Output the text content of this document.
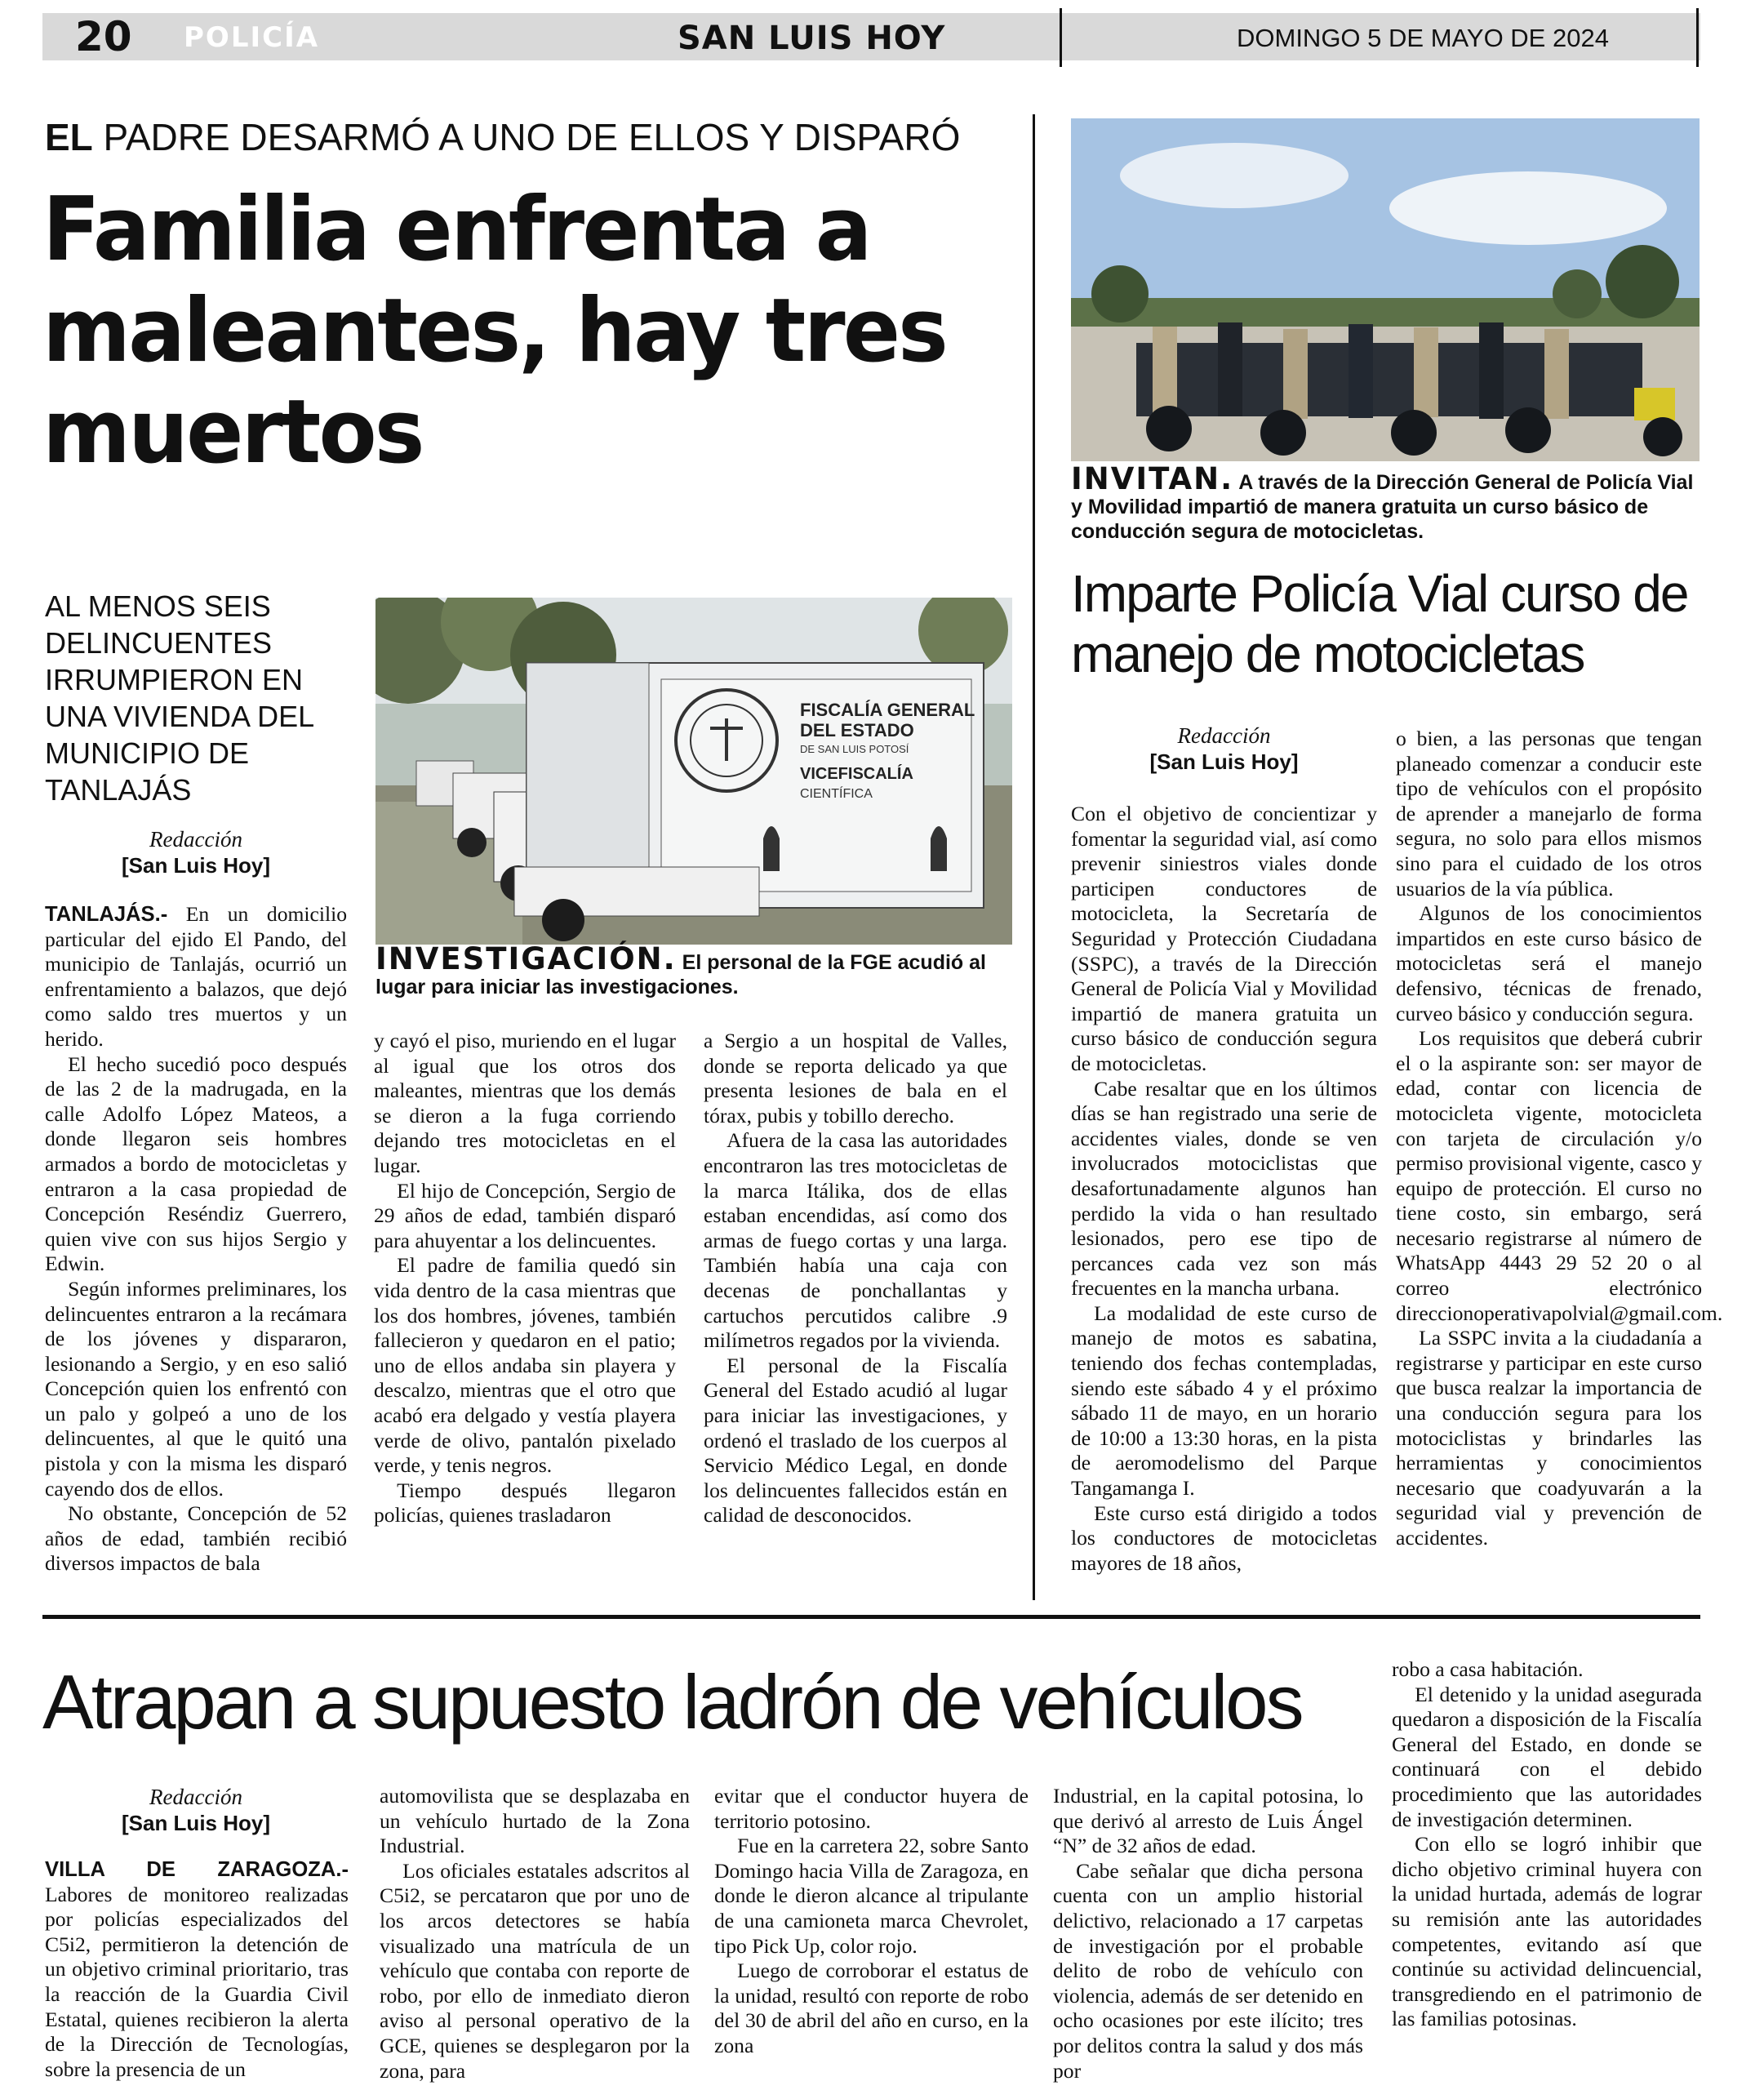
20 POLICÍA	SAN LUIS HOY	DOMINGO 5 DE MAYO DE 2024
EL PADRE DESARMÓ A UNO DE ELLOS Y DISPARÓ
Familia enfrenta a maleantes, hay tres muertos
AL MENOS SEIS DELINCUENTES IRRUMPIERON EN UNA VIVIENDA DEL MUNICIPIO DE TANLAJÁS
Redacción
[San Luis Hoy]
FISCALÍA GENERAL
DEL ESTADO
DE SAN LUIS POTOSÍ
VICEFISCALÍA
CIENTÍFICA
INVESTIGACIÓN. El personal de la FGE acudió al lugar para iniciar las investigaciones.

TANLAJÁS.- En un domicilio particular del ejido El Pando, del municipio de Tanlajás, ocurrió un enfrentamiento a balazos, que dejó como saldo tres muertos y un herido.

El hecho sucedió poco después de las 2 de la madrugada, en la calle Adolfo López Mateos, a donde llegaron seis hombres armados a bordo de motocicletas y entraron a la casa propiedad de Concepción Reséndiz Guerrero, quien vive con sus hijos Sergio y Edwin.

Según informes preliminares, los delincuentes entraron a la recámara de los jóvenes y dispararon, lesionando a Sergio, y en eso salió Concepción quien los enfrentó con un palo y golpeó a uno de los delincuentes, al que le quitó una pistola y con la misma les disparó cayendo dos de ellos.

No obstante, Concepción de 52 años de edad, también recibió diversos impactos de bala

y cayó el piso, muriendo en el lugar al igual que los otros dos maleantes, mientras que los demás se dieron a la fuga corriendo dejando tres motocicletas en el lugar.

El hijo de Concepción, Sergio de 29 años de edad, también disparó para ahuyentar a los delincuentes.

El padre de familia quedó sin vida dentro de la casa mientras que los dos hombres, jóvenes, también fallecieron y quedaron en el patio; uno de ellos andaba sin playera y descalzo, mientras que el otro que acabó era delgado y vestía playera verde de olivo, pantalón pixelado verde, y tenis negros.

Tiempo después llegaron policías, quienes trasladaron

a Sergio a un hospital de Valles, donde se reporta delicado ya que presenta lesiones de bala en el tórax, pubis y tobillo derecho.

Afuera de la casa las autoridades encontraron las tres motocicletas de la marca Itálika, dos de ellas estaban encendidas, así como dos armas de fuego cortas y una larga. También había una caja con decenas de ponchallantas y cartuchos percutidos calibre .9 milímetros regados por la vivienda.

El personal de la Fiscalía General del Estado acudió al lugar para iniciar las investigaciones, y ordenó el traslado de los cuerpos al Servicio Médico Legal, en donde los delincuentes fallecidos están en calidad de desconocidos.

INVITAN. A través de la Dirección General de Policía Vial y Movilidad impartió de manera gratuita un curso básico de conducción segura de motocicletas.
Imparte Policía Vial curso de manejo de motocicletas
Redacción
[San Luis Hoy]

Con el objetivo de concientizar y fomentar la seguridad vial, así como prevenir siniestros viales donde participen conductores de motocicleta, la Secretaría de Seguridad y Protección Ciudadana (SSPC), a través de la Dirección General de Policía Vial y Movilidad impartió de manera gratuita un curso básico de conducción segura de motocicletas.

Cabe resaltar que en los últimos días se han registrado una serie de accidentes viales, donde se ven involucrados motociclistas que desafortunadamente algunos han perdido la vida o han resultado lesionados, pero ese tipo de percances cada vez son más frecuentes en la mancha urbana.

La modalidad de este curso de manejo de motos es sabatina, teniendo dos fechas contempladas, siendo este sábado 4 y el próximo sábado 11 de mayo, en un horario de 10:00 a 13:30 horas, en la pista de aeromodelismo del Parque Tangamanga I.

Este curso está dirigido a todos los conductores de motocicletas mayores de 18 años,

o bien, a las personas que tengan planeado comenzar a conducir este tipo de vehículos con el propósito de aprender a manejarlo de forma segura, no solo para ellos mismos sino para el cuidado de los otros usuarios de la vía pública.

Algunos de los conocimientos impartidos en este curso básico de motocicletas será el manejo defensivo, técnicas de frenado, curveo básico y conducción segura.

Los requisitos que deberá cubrir el o la aspirante son: ser mayor de edad, contar con licencia de motocicleta vigente, motocicleta con tarjeta de circulación y/o permiso provisional vigente, casco y equipo de protección. El curso no tiene costo, sin embargo, será necesario registrarse al número de WhatsApp 4443 29 52 20 o al correo electrónico direccionoperativapolvial@gmail.com.

La SSPC invita a la ciudadanía a registrarse y participar en este curso que busca realzar la importancia de una conducción segura para los motociclistas y brindarles las herramientas y conocimientos necesario que coadyuvarán a la seguridad vial y prevención de accidentes.

Atrapan a supuesto ladrón de vehículos
Redacción
[San Luis Hoy]

VILLA DE ZARAGOZA.- Labores de monitoreo realizadas por policías especializados del C5i2, permitieron la detención de un objetivo criminal prioritario, tras la reacción de la Guardia Civil Estatal, quienes recibieron la alerta de la Dirección de Tecnologías, sobre la presencia de un

automovilista que se desplazaba en un vehículo hurtado de la Zona Industrial.

Los oficiales estatales adscritos al C5i2, se percataron que por uno de los arcos detectores se había visualizado una matrícula de un vehículo que contaba con reporte de robo, por ello de inmediato dieron aviso al personal operativo de la GCE, quienes se desplegaron por la zona, para

evitar que el conductor huyera de territorio potosino.

Fue en la carretera 22, sobre Santo Domingo hacia Villa de Zaragoza, en donde le dieron alcance al tripulante de una camioneta marca Chevrolet, tipo Pick Up, color rojo.

Luego de corroborar el estatus de la unidad, resultó con reporte de robo del 30 de abril del año en curso, en la zona

Industrial, en la capital potosina, lo que derivó al arresto de Luis Ángel “N” de 32 años de edad.

Cabe señalar que dicha persona cuenta con un amplio historial delictivo, relacionado a 17 carpetas de investigación por el probable delito de robo de vehículo con violencia, además de ser detenido en ocho ocasiones por este ilícito; tres por delitos contra la salud y dos más por

robo a casa habitación.

El detenido y la unidad asegurada quedaron a disposición de la Fiscalía General del Estado, en donde se continuará con el debido procedimiento que las autoridades de investigación determinen.

Con ello se logró inhibir que dicho objetivo criminal huyera con la unidad hurtada, además de lograr su remisión ante las autoridades competentes, evitando así que continúe su actividad delincuencial, transgrediendo en el patrimonio de las familias potosinas.
